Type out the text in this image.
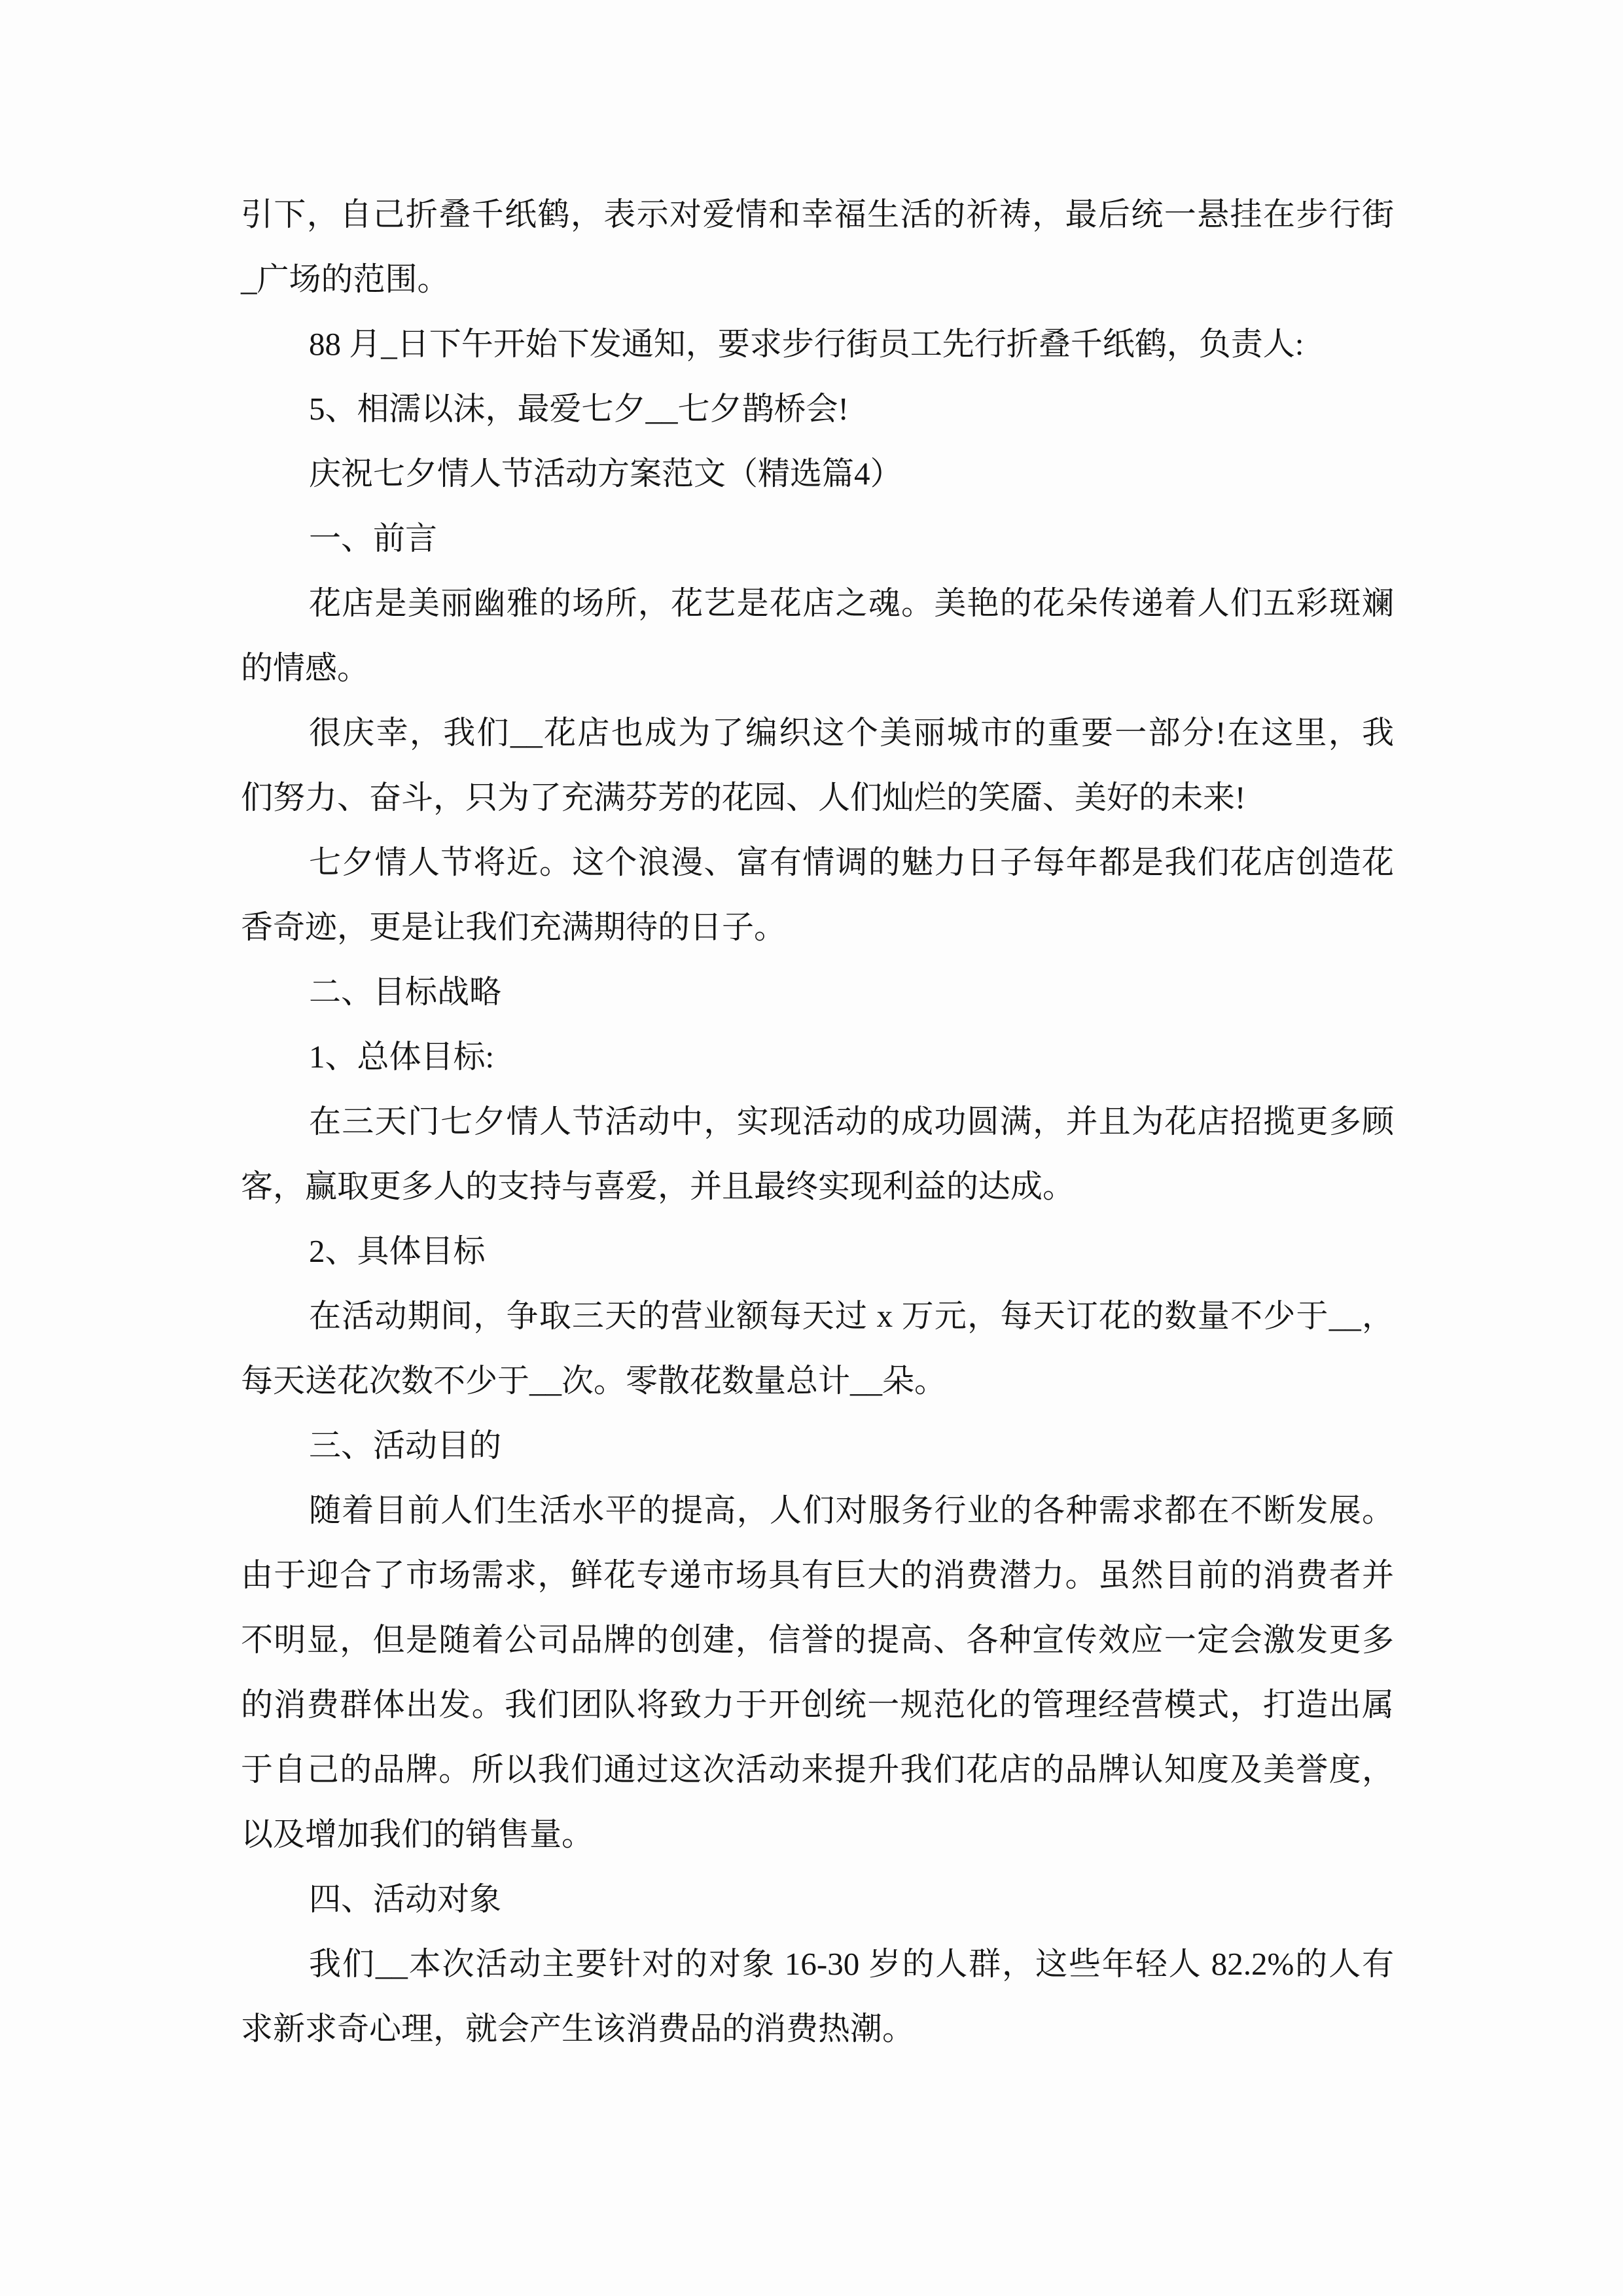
引下，自己折叠千纸鹤，表示对爱情和幸福生活的祈祷，最后统一悬挂在步行街
_广场的范围。
88 月_日下午开始下发通知，要求步行街员工先行折叠千纸鹤，负责人:
5、相濡以沫，最爱七夕__七夕鹊桥会!
庆祝七夕情人节活动方案范文（精选篇4）
一、前言
花店是美丽幽雅的场所，花艺是花店之魂。美艳的花朵传递着人们五彩斑斓
的情感。
很庆幸，我们__花店也成为了编织这个美丽城市的重要一部分!在这里，我
们努力、奋斗，只为了充满芬芳的花园、人们灿烂的笑靥、美好的未来!
七夕情人节将近。这个浪漫、富有情调的魅力日子每年都是我们花店创造花
香奇迹，更是让我们充满期待的日子。
二、目标战略
1、总体目标:
在三天门七夕情人节活动中，实现活动的成功圆满，并且为花店招揽更多顾
客，赢取更多人的支持与喜爱，并且最终实现利益的达成。
2、具体目标
在活动期间，争取三天的营业额每天过 x 万元，每天订花的数量不少于__，
每天送花次数不少于__次。零散花数量总计__朵。
三、活动目的
随着目前人们生活水平的提高，人们对服务行业的各种需求都在不断发展。
由于迎合了市场需求，鲜花专递市场具有巨大的消费潜力。虽然目前的消费者并
不明显，但是随着公司品牌的创建，信誉的提高、各种宣传效应一定会激发更多
的消费群体出发。我们团队将致力于开创统一规范化的管理经营模式，打造出属
于自己的品牌。所以我们通过这次活动来提升我们花店的品牌认知度及美誉度，
以及增加我们的销售量。
四、活动对象
我们__本次活动主要针对的对象 16-30 岁的人群，这些年轻人 82.2%的人有
求新求奇心理，就会产生该消费品的消费热潮。
